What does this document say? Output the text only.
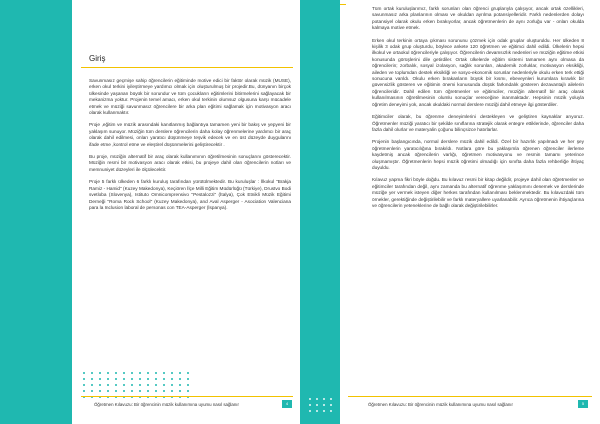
Giriş

Savunmasız geçmişe sahip öğrencilerin eğitiminde motive edici bir faktör olarak müzik (MUSE), erken okul terkini iyileştirmeye yardımcı olmak için oluşturulmuş bir projedir.Bu, dünyanın birçok ülkesinde yaşanan büyük bir sorundur ve tüm çocukların eğitimlerini bitirmelerini sağlayacak bir mekanizma yoktur. Projenin temel amacı, erken okul terkinin olumsuz olgusuna karşı mücadele etmek ve müziği savunmasız öğrencilere bir arka plan eğitimi sağlamak için motivasyon aracı olarak kullanmaktır.

Proje ,eğitim ve müzik arasındaki kanıtlanmış bağlantıya tamamen yeni bir bakış ve yepyeni bir yaklaşım sunuyor. Müziğin tüm derslere öğrencilerin daha kolay öğrenmelerine yardımcı bir araç olarak dahil edilmesi, onları yaratıcı düşünmeye teşvik edecek ve en üst düzeyde duygularını ifade etme ,kontrol etme ve eleştirel düşünmelerini geliştirecektir .

Bu proje, müziğin alternatif bir araç olarak kullanımının öğretilmesinin sonuçlarını gösterecektir. Müziğin resmi bir motivasyon aracı olarak etkisi, bu projeye dahil olan öğrencilerin notları ve memnuniyet düzeyleri ile ölçülecektir.

Proje 5 farklı ülkeden 6 farklı kuruluş tarafından yürütülmektedir. Bu kuruluşlar : İlkokul "Brakja Ramiz - Hamid" (Kuzey Makedonya), Keçiören İlçe Milli Eğitim Müdürlüğü (Türkiye), Drustvo Bodi svetloba (Slovenya), Istituto Omnicomprensivo "Pestalozzi" (İtalya), Çok Etnikli Müzik Eğitimi Derneği "Roma Rock School" (Kuzey Makedonya), and Aval Asperger - Asociation Valenciana para la Inclusion laboral de personas con TEA-Asperger (İspanya).

Öğretmen Kılavuzu: Bir öğrencinin müzik kullanımına uyumu nasıl sağlanır	4

Tüm ortak kuruluşlarımız, farklı sorunları olan öğrenci gruplarıyla çalışıyor, ancak ortak özellikleri, savunmasız arka planlarının olması ve okuldan ayrılma potansiyelleridir. Farklı nedenlerden dolayı potansiyel olarak okulu erken bırakıyorlar, ancak öğretmenlerin de aynı zorluğu var - onları okulda kalmaya motive etmek.

Erken okul terkinin ortaya çıkması sorununu çözmek için odak gruplar oluşturuldu. Her ülkeden 8 kişilik 3 odak grup oluşturdu, böylece ankete 120 öğretmen ve eğitimci dahil edildi. Ülkelerin hepsi ilkokul ve ortaokul öğrencileriyle çalışıyor. Öğrencilerin devamsızlık nedenleri ve müziğin eğitime etkisi konusunda görüşlerini dile getirdiler. Ortak ülkelerde eğitim sistemi tamamen aynı olmasa da öğrencilerin; zorbalık, sosyal izolasyon, sağlık sorunları, akademik zorluklar, motivasyon eksikliği, aileden ve toplumdan destek eksikliği ve sosyo-ekonomik sorunlar nedenleriyle okulu erken terk ettiği sonucuna varıldı. Okulu erken bırakanların büyük bir kısmı, ebeveynleri kurumlara kıravlık bir güvensizlik gösteren ve eğitimin önemi konusunda düşük farkındalık gösteren dezavantajlı ailelerin öğrencileridir. Dahil edilen tüm öğretmenler ve eğitimciler, müziğin alternatif bir araç olarak kullanılmasının öğretilmesinin olumlu sonuçlar vereceğine inanmaktadır. Hepsinin müzik yoluyla öğretim deneyimi yok, ancak okuldaki normal derslere müziği dahil etmeye ilgi gösterdiler.

Eğitimciler olarak, bu öğrenme deneyimlerini destekleyen ve geliştiren kaynaklar arıyoruz. Öğretmenler müziği yaratıcı bir şekilde sınıflarına stratejik olarak entegre ettiklerinde, öğrenciler daha fazla dahil olurlar ve materyalin çoğunu bilinçsizce hatırlarlar.

Projenin başlangıcında, normal derslere müzik dahil edildi. Özel bir hazırlık yapılmadı ve her şey öğretmenlerin yaratıcılığına bırakıldı. Notlara göre bu yaklaşımla öğrenen öğrenciler ilerleme kaydetmiş ancak öğrencilerin varlığı, öğretmen motivasyonu ve resmin tamamı yeterince oluşmamıştır. Öğretmenlerin hepsi müzik öğretimi olmadığı için sınıfta daha fazla rehberliğe ihtiyaç duyuldu.

Kılavuz yapma fikri böyle doğdu. Bu kılavuz resmi bir kitap değildir, projeye dahil olan öğretmenler ve eğitimciler tarafından değil, aynı zamanda bu alternatif öğrenme yaklaşımını denemek ve derslerinde müziğe yer vermek isteyen diğer herkes tarafından kullanılması beklenmektedir. Bu kılavuzdaki tüm örnekler, gerektiğinde değiştirilebilir ve farklı materyallere uyarlanabilir. Ayrıca öğretmenin ihtiyaçlarına ve öğrencilerin yeteneklerine de bağlı olarak değiştirilebilirler.

Öğretmen Kılavuzu: Bir öğrencinin müzik kullanımına uyumu nasıl sağlanır	5
